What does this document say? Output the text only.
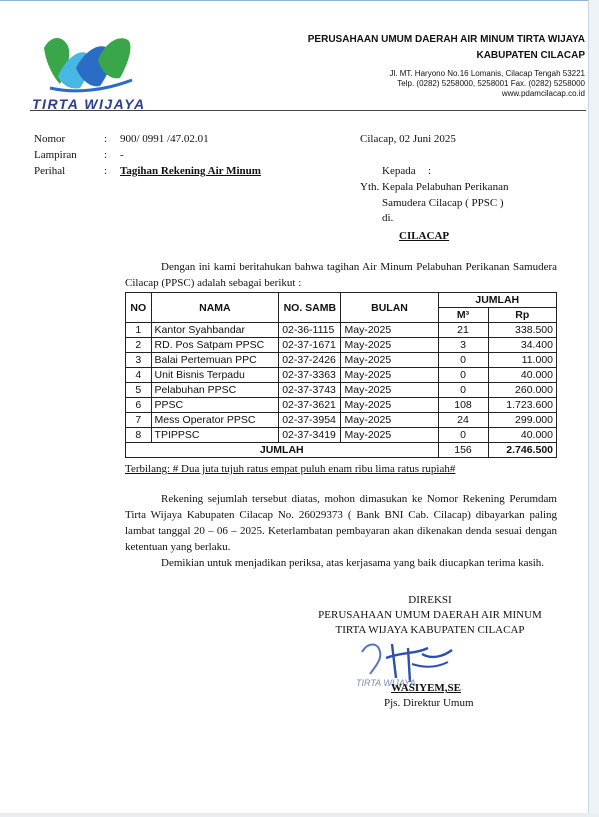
TIRTA WIJAYA
PERUSAHAAN UMUM DAERAH AIR MINUM TIRTA WIJAYA
KABUPATEN CILACAP
Jl. MT. Haryono No.16 Lomanis, Cilacap Tengah 53221
Telp. (0282) 5258000, 5258001 Fax. (0282) 5258000
www.pdamcilacap.co.id
Nomor	: 900/ 0991 /47.02.01
Lampiran : -
Perihal	: Tagihan Rekening Air Minum
Cilacap, 02 Juni 2025
Kepada :
Yth. Kepala Pelabuhan Perikanan
Samudera Cilacap ( PPSC )
di.
CILACAP
Dengan ini kami beritahukan bahwa tagihan Air Minum Pelabuhan Perikanan Samudera Cilacap (PPSC) adalah sebagai berikut :
NO	NAMA	NO. SAMB	BULAN	JUMLAH	
				M³	Rp
1	Kantor Syahbandar	02-36-1115	May-2025	21	338.500
2	RD. Pos Satpam PPSC	02-37-1671	May-2025	3	34.400
3	Balai Pertemuan PPC	02-37-2426	May-2025	0	11.000
4	Unit Bisnis Terpadu	02-37-3363	May-2025	0	40.000
5	Pelabuhan PPSC	02-37-3743	May-2025	0	260.000
6	PPSC	02-37-3621	May-2025	108	1.723.600
7	Mess Operator PPSC	02-37-3954	May-2025	24	299.000
8	TPIPPSC	02-37-3419	May-2025	0	40.000
JUMLAH				156	2.746.500
Terbilang: # Dua juta tujuh ratus empat puluh enam ribu lima ratus rupiah#
Rekening sejumlah tersebut diatas, mohon dimasukan ke Nomor Rekening Perumdam Tirta Wijaya Kabupaten Cilacap No. 26029373 ( Bank BNI Cab. Cilacap) dibayarkan paling lambat tanggal 20 – 06 – 2025. Keterlambatan pembayaran akan dikenakan denda sesuai dengan ketentuan yang berlaku.
Demikian untuk menjadikan periksa, atas kerjasama yang baik diucapkan terima kasih.
DIREKSI
PERUSAHAAN UMUM DAERAH AIR MINUM
TIRTA WIJAYA KABUPATEN CILACAP
TIRTA WIJAYA
WASIYEM,SE
Pjs. Direktur Umum
